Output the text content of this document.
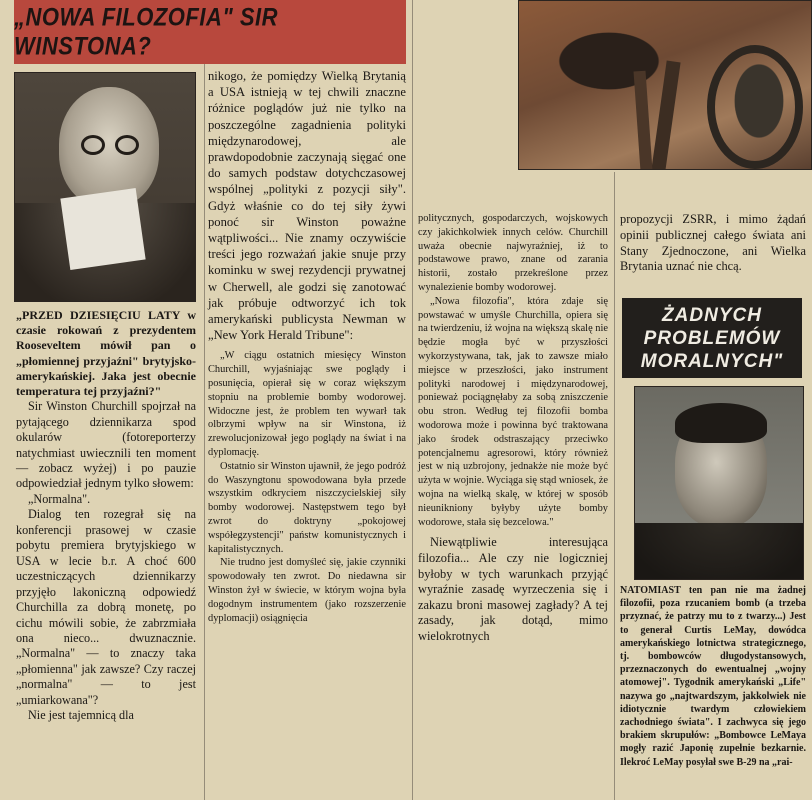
„NOWA FILOZOFIA" SIR WINSTONA?

„PRZED DZIESIĘCIU LATY w czasie rokowań z prezydentem Rooseveltem mówił pan o „płomiennej przyjaźni" brytyjsko-amerykańskiej. Jaka jest obecnie temperatura tej przyjaźni?"

Sir Winston Churchill spojrzał na pytającego dziennikarza spod okularów (fotoreporterzy natychmiast uwiecznili ten moment — zobacz wyżej) i po pauzie odpowiedział jednym tylko słowem:

„Normalna".

Dialog ten rozegrał się na konferencji prasowej w czasie pobytu premiera brytyjskiego w USA w lecie b.r. A choć 600 uczestniczących dziennikarzy przyjęło lakoniczną odpowiedź Churchilla za dobrą monetę, po cichu mówili sobie, że zabrzmiała ona nieco... dwuznacznie. „Normalna" — to znaczy taka „płomienna" jak zawsze? Czy raczej „normalna" — to jest „umiarkowana"?

Nie jest tajemnicą dla

nikogo, że pomiędzy Wielką Brytanią a USA istnieją w tej chwili znaczne różnice poglądów już nie tylko na poszczególne zagadnienia polityki międzynarodowej, ale prawdopodobnie zaczynają sięgać one do samych podstaw dotychczasowej wspólnej „polityki z pozycji siły". Gdyż właśnie co do tej siły żywi ponoć sir Winston poważne wątpliwości... Nie znamy oczywiście treści jego rozważań jakie snuje przy kominku w swej rezydencji prywatnej w Cherwell, ale godzi się zanotować jak próbuje odtworzyć ich tok amerykański publicysta Newman w „New York Herald Tribune":

„W ciągu ostatnich miesięcy Winston Churchill, wyjaśniając swe poglądy i posunięcia, opierał się w coraz większym stopniu na problemie bomby wodorowej. Widoczne jest, że problem ten wywarł tak olbrzymi wpływ na sir Winstona, iż zrewolucjonizował jego poglądy na świat i na dyplomację.

Ostatnio sir Winston ujawnił, że jego podróż do Waszyngtonu spowodowana była przede wszystkim odkryciem niszczycielskiej siły bomby wodorowej. Następstwem tego był zwrot do doktryny „pokojowej współegzystencji" państw komunistycznych i kapitalistycznych.

Nie trudno jest domyśleć się, jakie czynniki spowodowały ten zwrot. Do niedawna sir Winston żył w świecie, w którym wojna była dogodnym instrumentem (jako rozszerzenie dyplomacji) osiągnięcia

politycznych, gospodarczych, wojskowych czy jakichkolwiek innych celów. Churchill uważa obecnie najwyraźniej, iż to podstawowe prawo, znane od zarania historii, zostało przekreślone przez wynalezienie bomby wodorowej.

„Nowa filozofia", która zdaje się powstawać w umyśle Churchilla, opiera się na twierdzeniu, iż wojna na większą skalę nie będzie mogła być w przyszłości wykorzystywana, tak, jak to zawsze miało miejsce w przeszłości, jako instrument polityki narodowej i międzynarodowej, ponieważ pociągnęłaby za sobą zniszczenie obu stron. Według tej filozofii bomba wodorowa może i powinna być traktowana jako środek odstraszający przeciwko potencjalnemu agresorowi, który również jest w nią uzbrojony, jednakże nie może być użyta w wojnie. Wyciąga się stąd wniosek, że wojna na wielką skalę, w której w sposób nieunikniony byłyby użyte bomby wodorowe, stała się bezcelowa."

Niewątpliwie interesująca filozofia... Ale czy nie logiczniej byłoby w tych warunkach przyjąć wyraźnie zasadę wyrzeczenia się i zakazu broni masowej zagłady? A tej zasady, jak dotąd, mimo wielokrotnych

propozycji ZSRR, i mimo żądań opinii publicznej całego świata ani Stany Zjednoczone, ani Wielka Brytania uznać nie chcą.

ŻADNYCH
PROBLEMÓW
MORALNYCH"

NATOMIAST ten pan nie ma żadnej filozofii, poza rzucaniem bomb (a trzeba przyznać, że patrzy mu to z twarzy...) Jest to generał Curtis LeMay, dowódca amerykańskiego lotnictwa strategicznego, tj. bombowców długodystansowych, przeznaczonych do ewentualnej „wojny atomowej". Tygodnik amerykański „Life" nazywa go „najtwardszym, jakkolwiek nie idiotycznie twardym człowiekiem zachodniego świata". I zachwyca się jego brakiem skrupułów: „Bombowce LeMaya mogły razić Japonię zupełnie bezkarnie. Ilekroć LeMay posyłał swe B-29 na „rai-
